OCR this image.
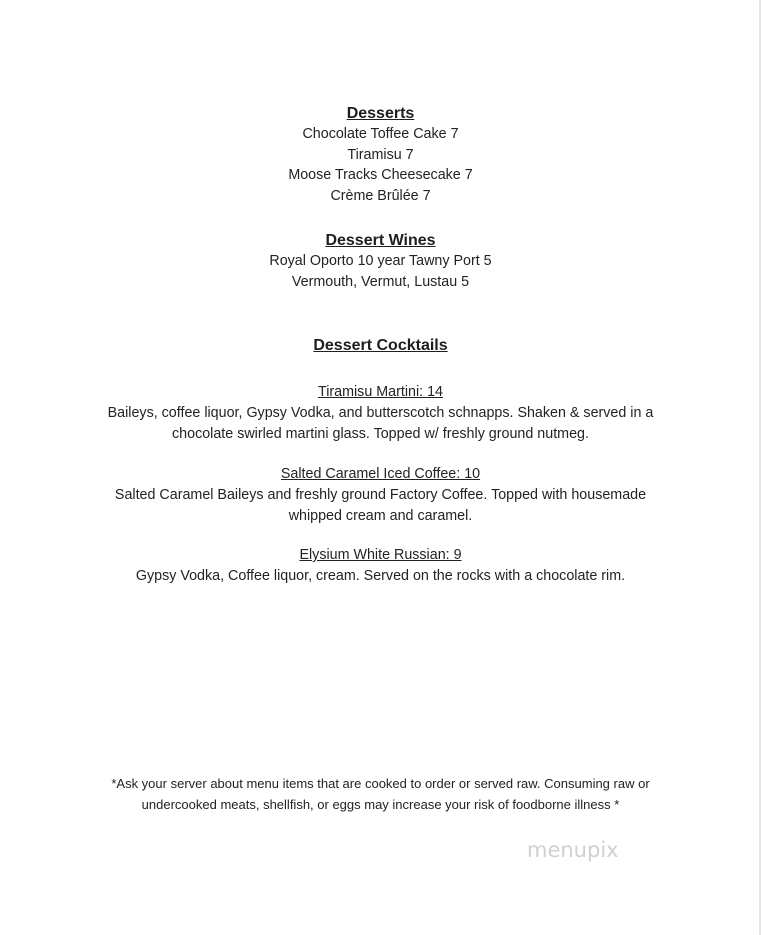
Desserts
Chocolate Toffee Cake 7
Tiramisu 7
Moose Tracks Cheesecake 7
Crème Brûlée 7
Dessert Wines
Royal Oporto 10 year Tawny Port 5
Vermouth, Vermut, Lustau 5
Dessert Cocktails
Tiramisu Martini: 14
Baileys, coffee liquor, Gypsy Vodka, and butterscotch schnapps. Shaken & served in a
chocolate swirled martini glass. Topped w/ freshly ground nutmeg.
Salted Caramel Iced Coffee: 10
Salted Caramel Baileys and freshly ground Factory Coffee. Topped with housemade
whipped cream and caramel.
Elysium White Russian: 9
Gypsy Vodka, Coffee liquor, cream. Served on the rocks with a chocolate rim.
*Ask your server about menu items that are cooked to order or served raw. Consuming raw or
undercooked meats, shellfish, or eggs may increase your risk of foodborne illness *
menupix
